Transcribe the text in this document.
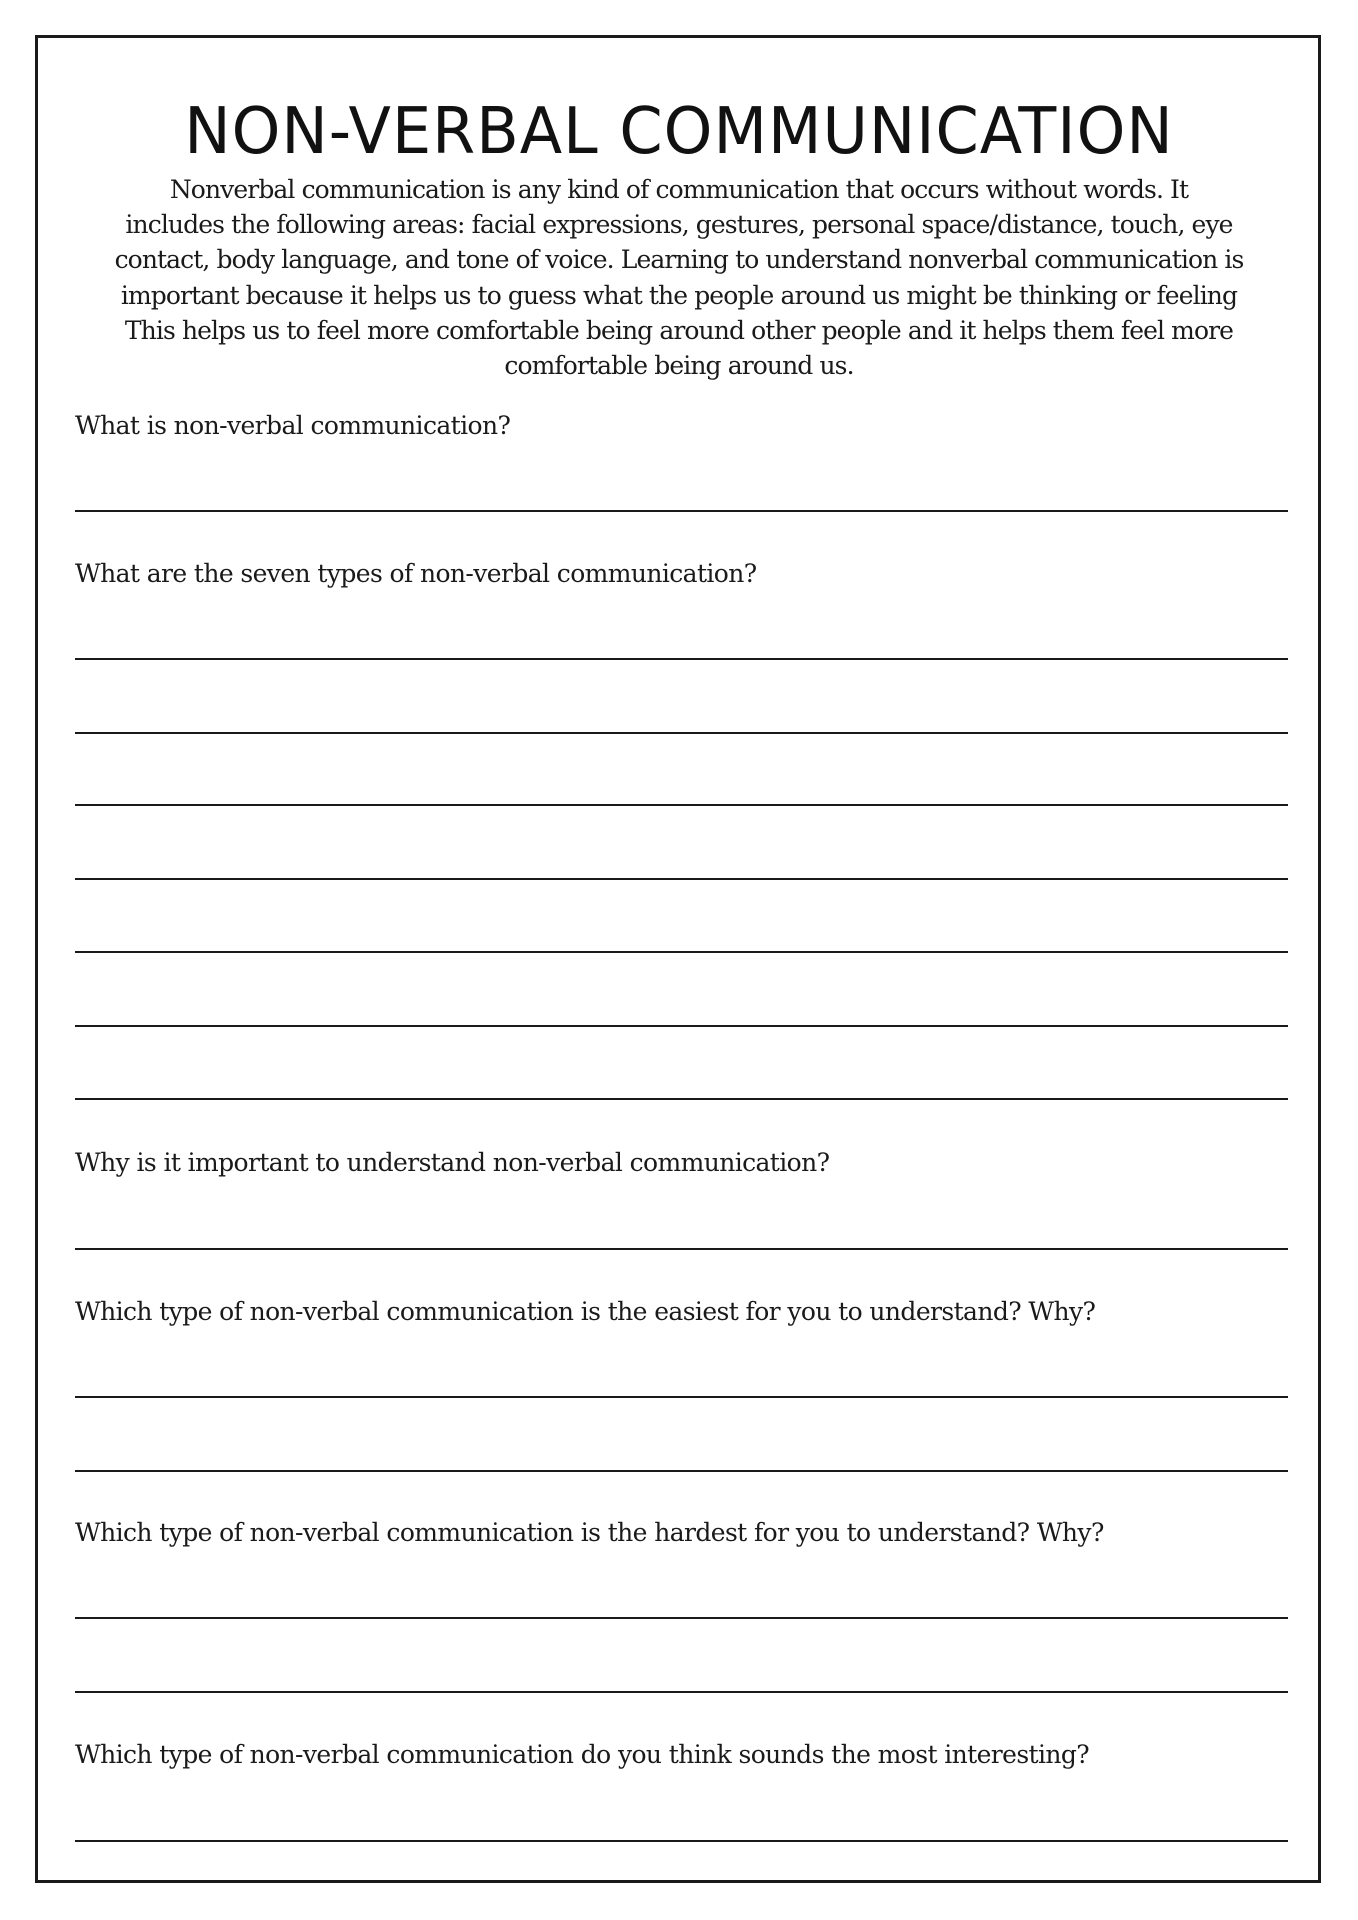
NON-VERBAL COMMUNICATION

Nonverbal communication is any kind of communication that occurs without words. It
includes the following areas: facial expressions, gestures, personal space/distance, touch, eye
contact, body language, and tone of voice. Learning to understand nonverbal communication is
important because it helps us to guess what the people around us might be thinking or feeling
This helps us to feel more comfortable being around other people and it helps them feel more
comfortable being around us.

What is non-verbal communication?

What are the seven types of non-verbal communication?

Why is it important to understand non-verbal communication?

Which type of non-verbal communication is the easiest for you to understand? Why?

Which type of non-verbal communication is the hardest for you to understand? Why?

Which type of non-verbal communication do you think sounds the most interesting?
